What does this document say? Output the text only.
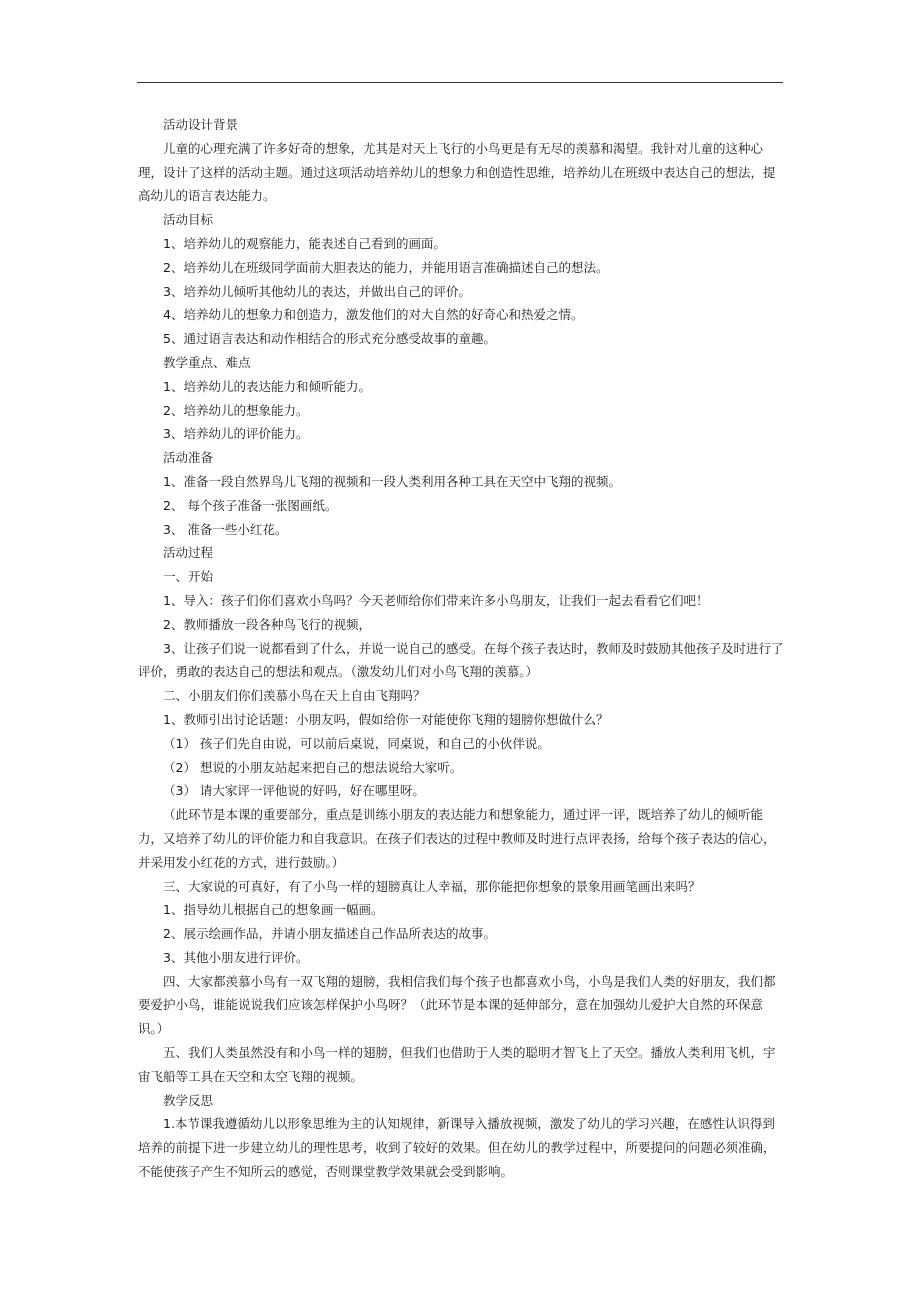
活动设计背景

儿童的心理充满了许多好奇的想象，尤其是对天上飞行的小鸟更是有无尽的羡慕和渴望。我针对儿童的这种心理，设计了这样的活动主题。通过这项活动培养幼儿的想象力和创造性思维，培养幼儿在班级中表达自己的想法，提高幼儿的语言表达能力。

活动目标

1、培养幼儿的观察能力，能表述自己看到的画面。

2、培养幼儿在班级同学面前大胆表达的能力，并能用语言准确描述自己的想法。

3、培养幼儿倾听其他幼儿的表达，并做出自己的评价。

4、培养幼儿的想象力和创造力，激发他们的对大自然的好奇心和热爱之情。

5、通过语言表达和动作相结合的形式充分感受故事的童趣。

教学重点、难点

1、培养幼儿的表达能力和倾听能力。

2、培养幼儿的想象能力。

3、培养幼儿的评价能力。

活动准备

1、准备一段自然界鸟儿飞翔的视频和一段人类利用各种工具在天空中飞翔的视频。

2、 每个孩子准备一张图画纸。

3、 准备一些小红花。

活动过程

一、开始

1、导入：孩子们你们喜欢小鸟吗？今天老师给你们带来许多小鸟朋友，让我们一起去看看它们吧！

2、教师播放一段各种鸟飞行的视频，

3、让孩子们说一说都看到了什么，并说一说自己的感受。在每个孩子表达时，教师及时鼓励其他孩子及时进行了评价，勇敢的表达自己的想法和观点。（激发幼儿们对小鸟飞翔的羡慕。）

二、小朋友们你们羡慕小鸟在天上自由飞翔吗？

1、教师引出讨论话题：小朋友吗，假如给你一对能使你飞翔的翅膀你想做什么？

（1） 孩子们先自由说，可以前后桌说，同桌说，和自己的小伙伴说。

（2） 想说的小朋友站起来把自己的想法说给大家听。

（3） 请大家评一评他说的好吗，好在哪里呀。

（此环节是本课的重要部分，重点是训练小朋友的表达能力和想象能力，通过评一评，既培养了幼儿的倾听能力，又培养了幼儿的评价能力和自我意识。在孩子们表达的过程中教师及时进行点评表扬，给每个孩子表达的信心，并采用发小红花的方式，进行鼓励。）

三、大家说的可真好，有了小鸟一样的翅膀真让人幸福，那你能把你想象的景象用画笔画出来吗？

1、指导幼儿根据自己的想象画一幅画。

2、展示绘画作品，并请小朋友描述自己作品所表达的故事。

3、其他小朋友进行评价。

四、大家都羡慕小鸟有一双飞翔的翅膀，我相信我们每个孩子也都喜欢小鸟，小鸟是我们人类的好朋友，我们都要爱护小鸟，谁能说说我们应该怎样保护小鸟呀？（此环节是本课的延伸部分，意在加强幼儿爱护大自然的环保意识。）

五、我们人类虽然没有和小鸟一样的翅膀，但我们也借助于人类的聪明才智飞上了天空。播放人类利用飞机，宇宙飞船等工具在天空和太空飞翔的视频。

教学反思

1.本节课我遵循幼儿以形象思维为主的认知规律，新课导入播放视频，激发了幼儿的学习兴趣，在感性认识得到培养的前提下进一步建立幼儿的理性思考，收到了较好的效果。但在幼儿的教学过程中，所要提问的问题必须准确，不能使孩子产生不知所云的感觉，否则课堂教学效果就会受到影响。
